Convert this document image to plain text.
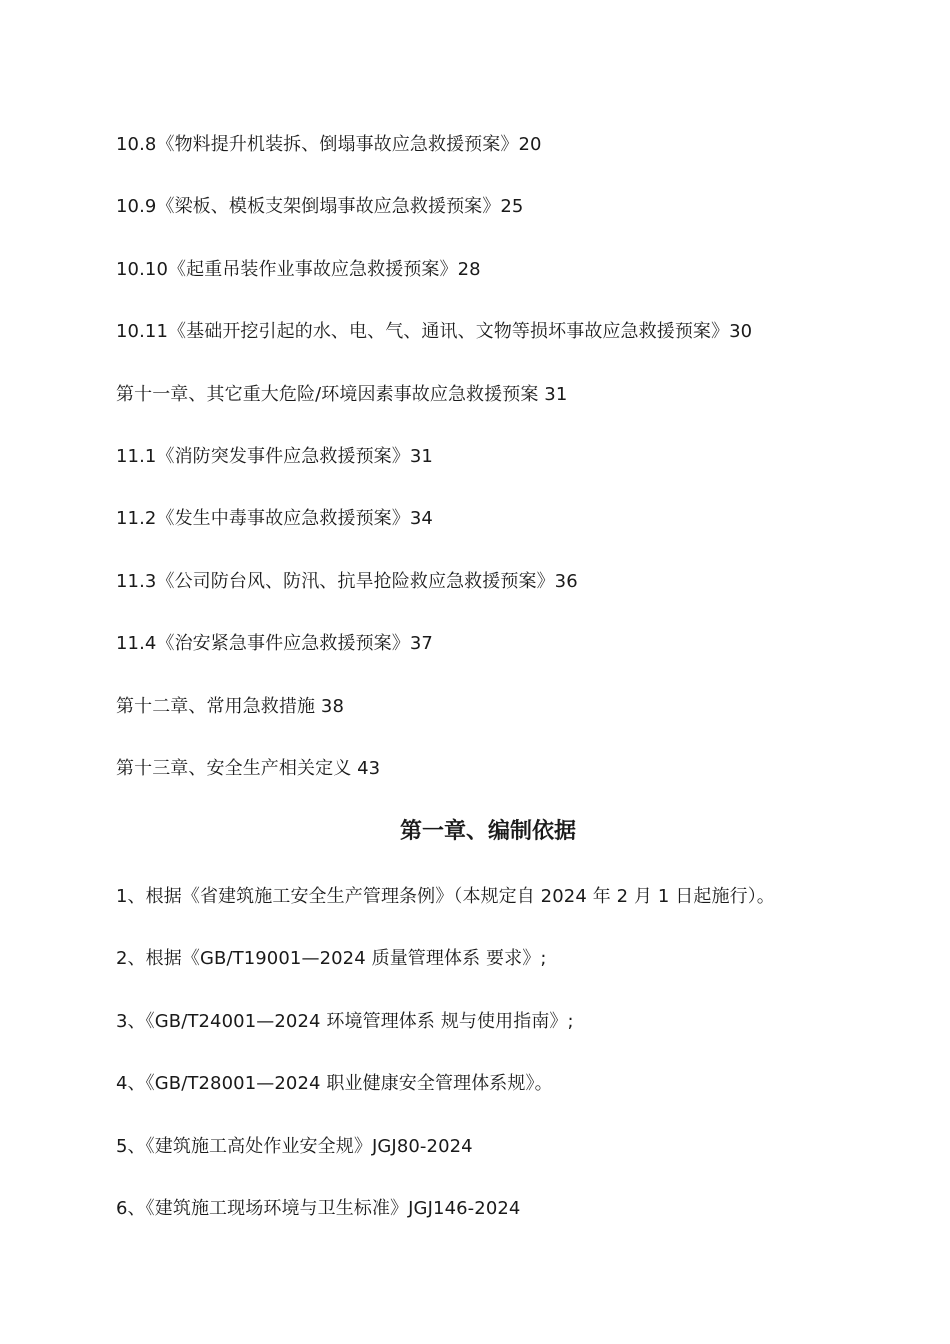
10.8《物料提升机装拆、倒塌事故应急救援预案》20
10.9《梁板、模板支架倒塌事故应急救援预案》25
10.10《起重吊装作业事故应急救援预案》28
10.11《基础开挖引起的水、电、气、通讯、文物等损坏事故应急救援预案》30
第十一章、其它重大危险/环境因素事故应急救援预案 31
11.1《消防突发事件应急救援预案》31
11.2《发生中毒事故应急救援预案》34
11.3《公司防台风、防汛、抗旱抢险救应急救援预案》36
11.4《治安紧急事件应急救援预案》37
第十二章、常用急救措施 38
第十三章、安全生产相关定义 43
第一章、编制依据
1、根据《省建筑施工安全生产管理条例》（本规定自 2024 年 2 月 1 日起施行）。
2、根据《GB/T19001—2024 质量管理体系 要求》;
3、《GB/T24001—2024 环境管理体系 规与使用指南》;
4、《GB/T28001—2024 职业健康安全管理体系规》。
5、《建筑施工高处作业安全规》JGJ80-2024
6、《建筑施工现场环境与卫生标准》JGJ146-2024
